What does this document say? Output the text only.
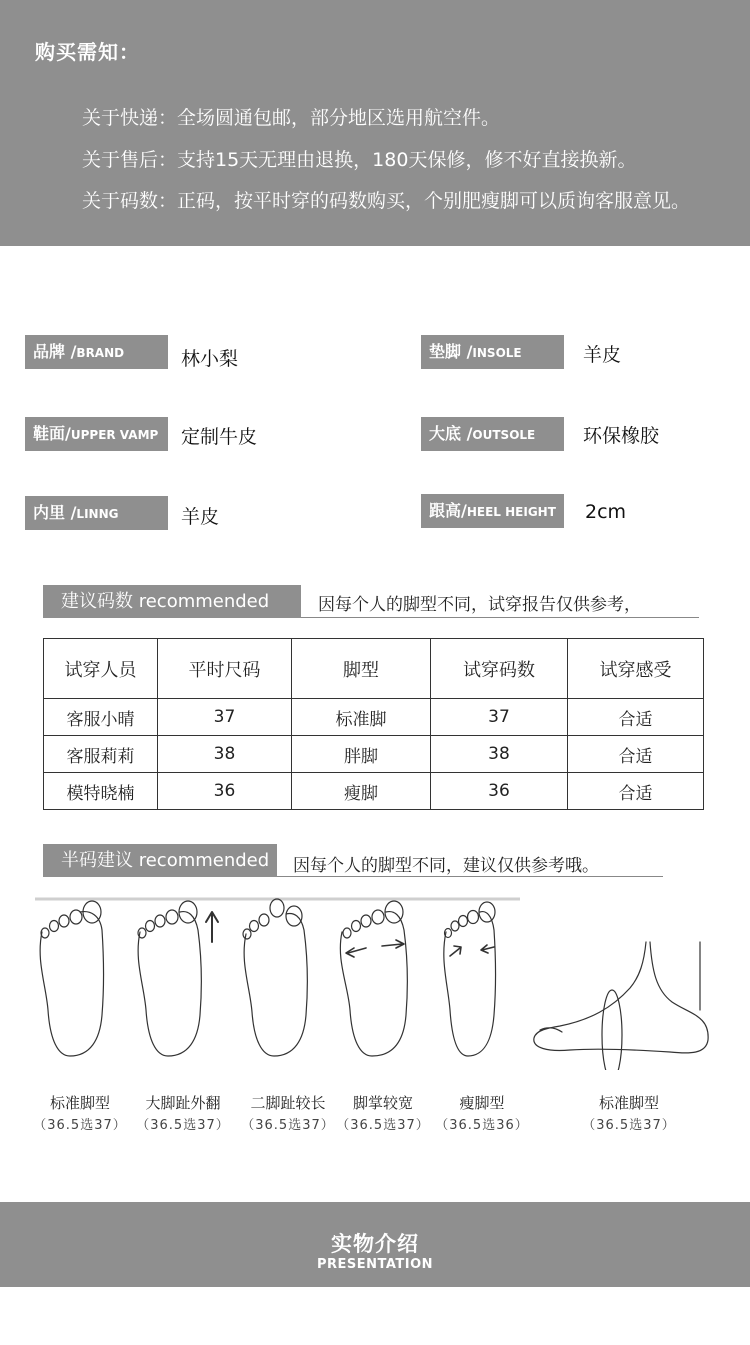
购买需知：
关于快递：全场圆通包邮，部分地区选用航空件。
关于售后：支持15天无理由退换，180天保修，修不好直接换新。
关于码数：正码，按平时穿的码数购买，个别肥瘦脚可以质询客服意见。
品牌 /BRAND	林小梨	垫脚 /INSOLE	羊皮
鞋面/UPPER VAMP	定制牛皮	大底 /OUTSOLE	环保橡胶
内里 /LINNG	羊皮	跟高/HEEL HEIGHT	2cm
建议码数 recommended	因每个人的脚型不同，试穿报告仅供参考，
试穿人员	平时尺码	脚型	试穿码数	试穿感受
客服小晴	37	标准脚	37	合适
客服莉莉	38	胖脚	38	合适
模特晓楠	36	瘦脚	36	合适
半码建议 recommended	因每个人的脚型不同，建议仅供参考哦。
标准脚型
（36.5选37）
大脚趾外翻
（36.5选37）
二脚趾较长
（36.5选37）
脚掌较宽
（36.5选37）
瘦脚型
（36.5选36）
标准脚型
（36.5选37）
实物介绍
PRESENTATION
